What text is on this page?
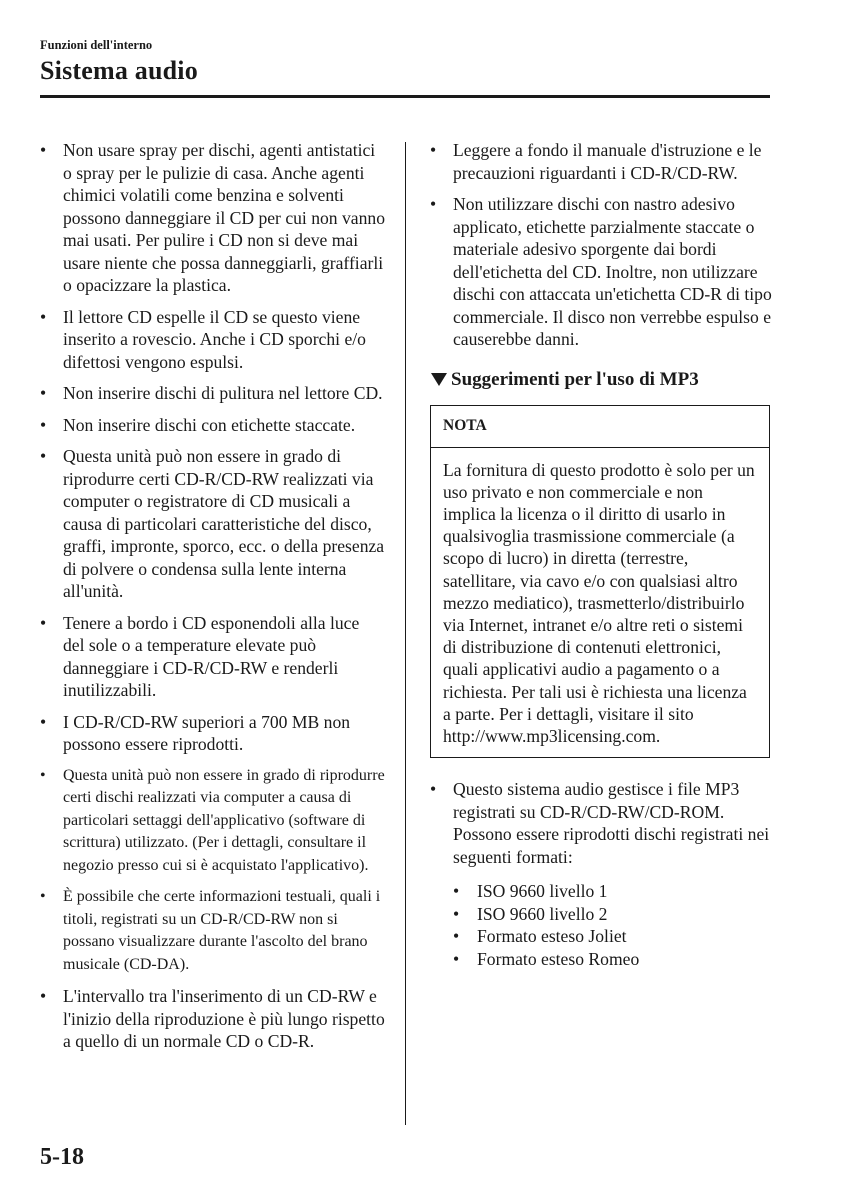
Funzioni dell'interno
Sistema audio
• Non usare spray per dischi, agenti antistatici o spray per le pulizie di casa. Anche agenti chimici volatili come benzina e solventi possono danneggiare il CD per cui non vanno mai usati. Per pulire i CD non si deve mai usare niente che possa danneggiarli, graffiarli o opacizzare la plastica.
• Il lettore CD espelle il CD se questo viene inserito a rovescio. Anche i CD sporchi e/o difettosi vengono espulsi.
• Non inserire dischi di pulitura nel lettore CD.
• Non inserire dischi con etichette staccate.
• Questa unità può non essere in grado di riprodurre certi CD-R/CD-RW realizzati via computer o registratore di CD musicali a causa di particolari caratteristiche del disco, graffi, impronte, sporco, ecc. o della presenza di polvere o condensa sulla lente interna all'unità.
• Tenere a bordo i CD esponendoli alla luce del sole o a temperature elevate può danneggiare i CD-R/CD-RW e renderli inutilizzabili.
• I CD-R/CD-RW superiori a 700 MB non possono essere riprodotti.
• Questa unità può non essere in grado di riprodurre certi dischi realizzati via computer a causa di particolari settaggi dell'applicativo (software di scrittura) utilizzato. (Per i dettagli, consultare il negozio presso cui si è acquistato l'applicativo).
• È possibile che certe informazioni testuali, quali i titoli, registrati su un CD-R/CD-RW non si possano visualizzare durante l'ascolto del brano musicale (CD-DA).
• L'intervallo tra l'inserimento di un CD-RW e l'inizio della riproduzione è più lungo rispetto a quello di un normale CD o CD-R.
• Leggere a fondo il manuale d'istruzione e le precauzioni riguardanti i CD-R/CD-RW.
• Non utilizzare dischi con nastro adesivo applicato, etichette parzialmente staccate o materiale adesivo sporgente dai bordi dell'etichetta del CD. Inoltre, non utilizzare dischi con attaccata un'etichetta CD-R di tipo commerciale. Il disco non verrebbe espulso e causerebbe danni.
Suggerimenti per l'uso di MP3
NOTA
La fornitura di questo prodotto è solo per un uso privato e non commerciale e non implica la licenza o il diritto di usarlo in qualsivoglia trasmissione commerciale (a scopo di lucro) in diretta (terrestre, satellitare, via cavo e/o con qualsiasi altro mezzo mediatico), trasmetterlo/distribuirlo via Internet, intranet e/o altre reti o sistemi di distribuzione di contenuti elettronici, quali applicativi audio a pagamento o a richiesta. Per tali usi è richiesta una licenza a parte. Per i dettagli, visitare il sito http://www.mp3licensing.com.
• Questo sistema audio gestisce i file MP3 registrati su CD-R/CD-RW/CD-ROM. Possono essere riprodotti dischi registrati nei seguenti formati:
• ISO 9660 livello 1
• ISO 9660 livello 2
• Formato esteso Joliet
• Formato esteso Romeo
5-18
